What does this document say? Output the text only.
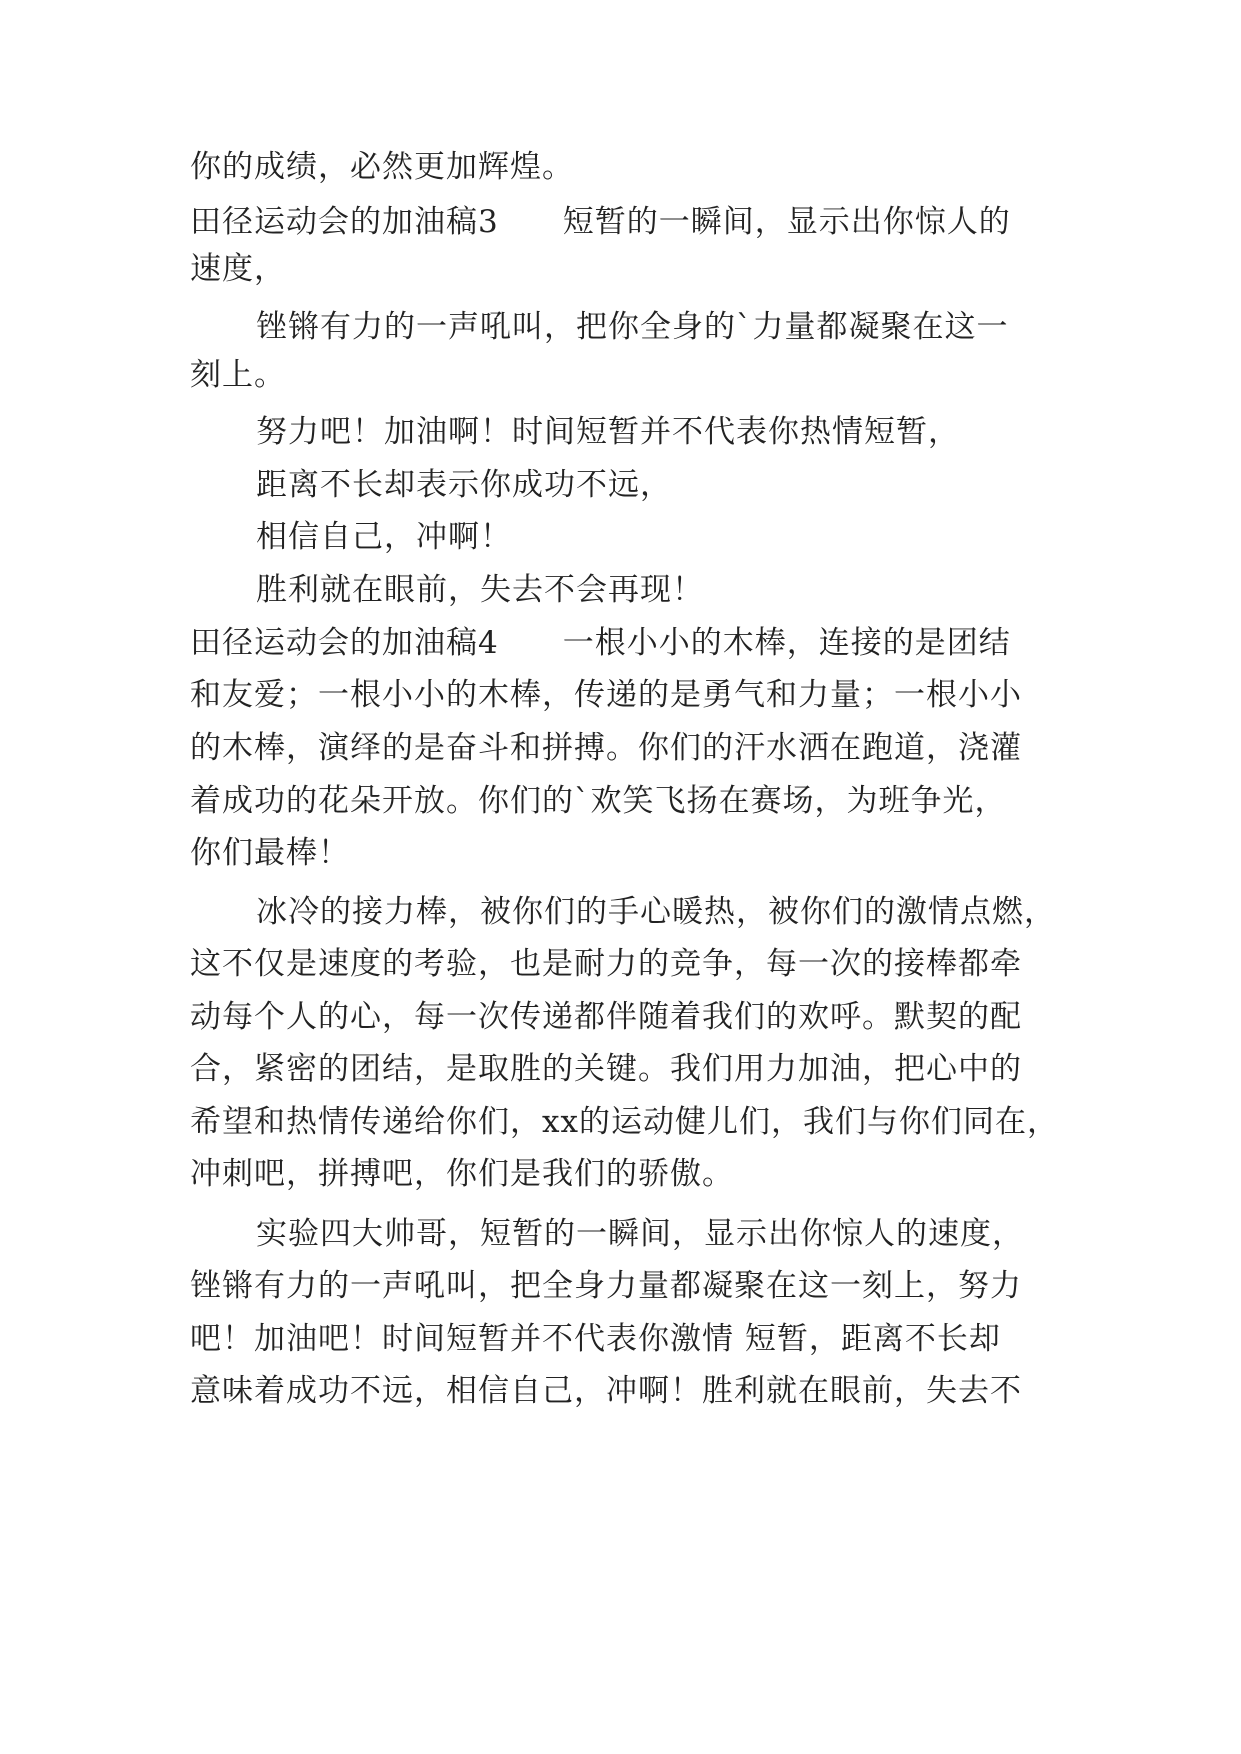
你的成绩，必然更加辉煌。
田径运动会的加油稿3　　短暂的一瞬间，显示出你惊人的
速度，
锉锵有力的一声吼叫，把你全身的`力量都凝聚在这一
刻上。
努力吧！加油啊！时间短暂并不代表你热情短暂，
距离不长却表示你成功不远，
相信自己，冲啊！
胜利就在眼前，失去不会再现！
田径运动会的加油稿4　　一根小小的木棒，连接的是团结
和友爱；一根小小的木棒，传递的是勇气和力量；一根小小
的木棒，演绎的是奋斗和拼搏。你们的汗水洒在跑道，浇灌
着成功的花朵开放。你们的`欢笑飞扬在赛场，为班争光，
你们最棒！
冰冷的接力棒，被你们的手心暖热，被你们的激情点燃，
这不仅是速度的考验，也是耐力的竞争，每一次的接棒都牵
动每个人的心，每一次传递都伴随着我们的欢呼。默契的配
合，紧密的团结，是取胜的关键。我们用力加油，把心中的
希望和热情传递给你们，xx的运动健儿们，我们与你们同在，
冲刺吧，拼搏吧，你们是我们的骄傲。
实验四大帅哥，短暂的一瞬间，显示出你惊人的速度，
锉锵有力的一声吼叫，把全身力量都凝聚在这一刻上，努力
吧！加油吧！时间短暂并不代表你激情 短暂，距离不长却
意味着成功不远，相信自己，冲啊！胜利就在眼前，失去不
